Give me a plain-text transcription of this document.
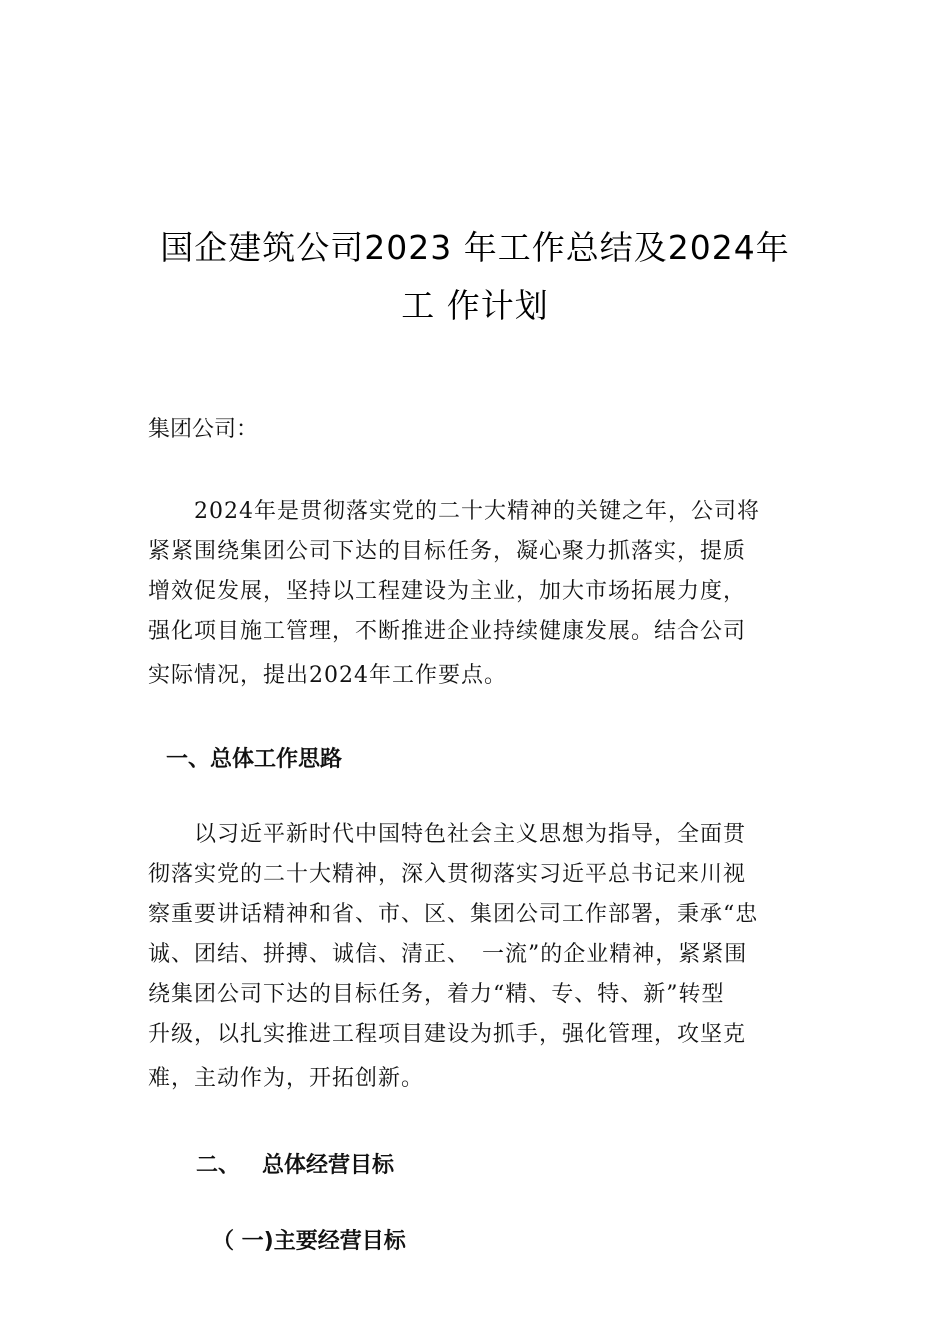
国企建筑公司2023 年工作总结及2024年
工 作计划
集团公司：
　　2024年是贯彻落实党的二十大精神的关键之年，公司将
紧紧围绕集团公司下达的目标任务，凝心聚力抓落实，提质
增效促发展，坚持以工程建设为主业，加大市场拓展力度，
强化项目施工管理，不断推进企业持续健康发展。结合公司
实际情况，提出2024年工作要点。
一、总体工作思路
　　以习近平新时代中国特色社会主义思想为指导，全面贯
彻落实党的二十大精神，深入贯彻落实习近平总书记来川视
察重要讲话精神和省、市、区、集团公司工作部署，秉承“忠
诚、团结、拼搏、诚信、清正、　一流”的企业精神，紧紧围
绕集团公司下达的目标任务，着力“精、专、特、新”转型
升级，以扎实推进工程项目建设为抓手，强化管理，攻坚克
难，主动作为，开拓创新。
二、 总体经营目标
（ 一)主要经营目标
